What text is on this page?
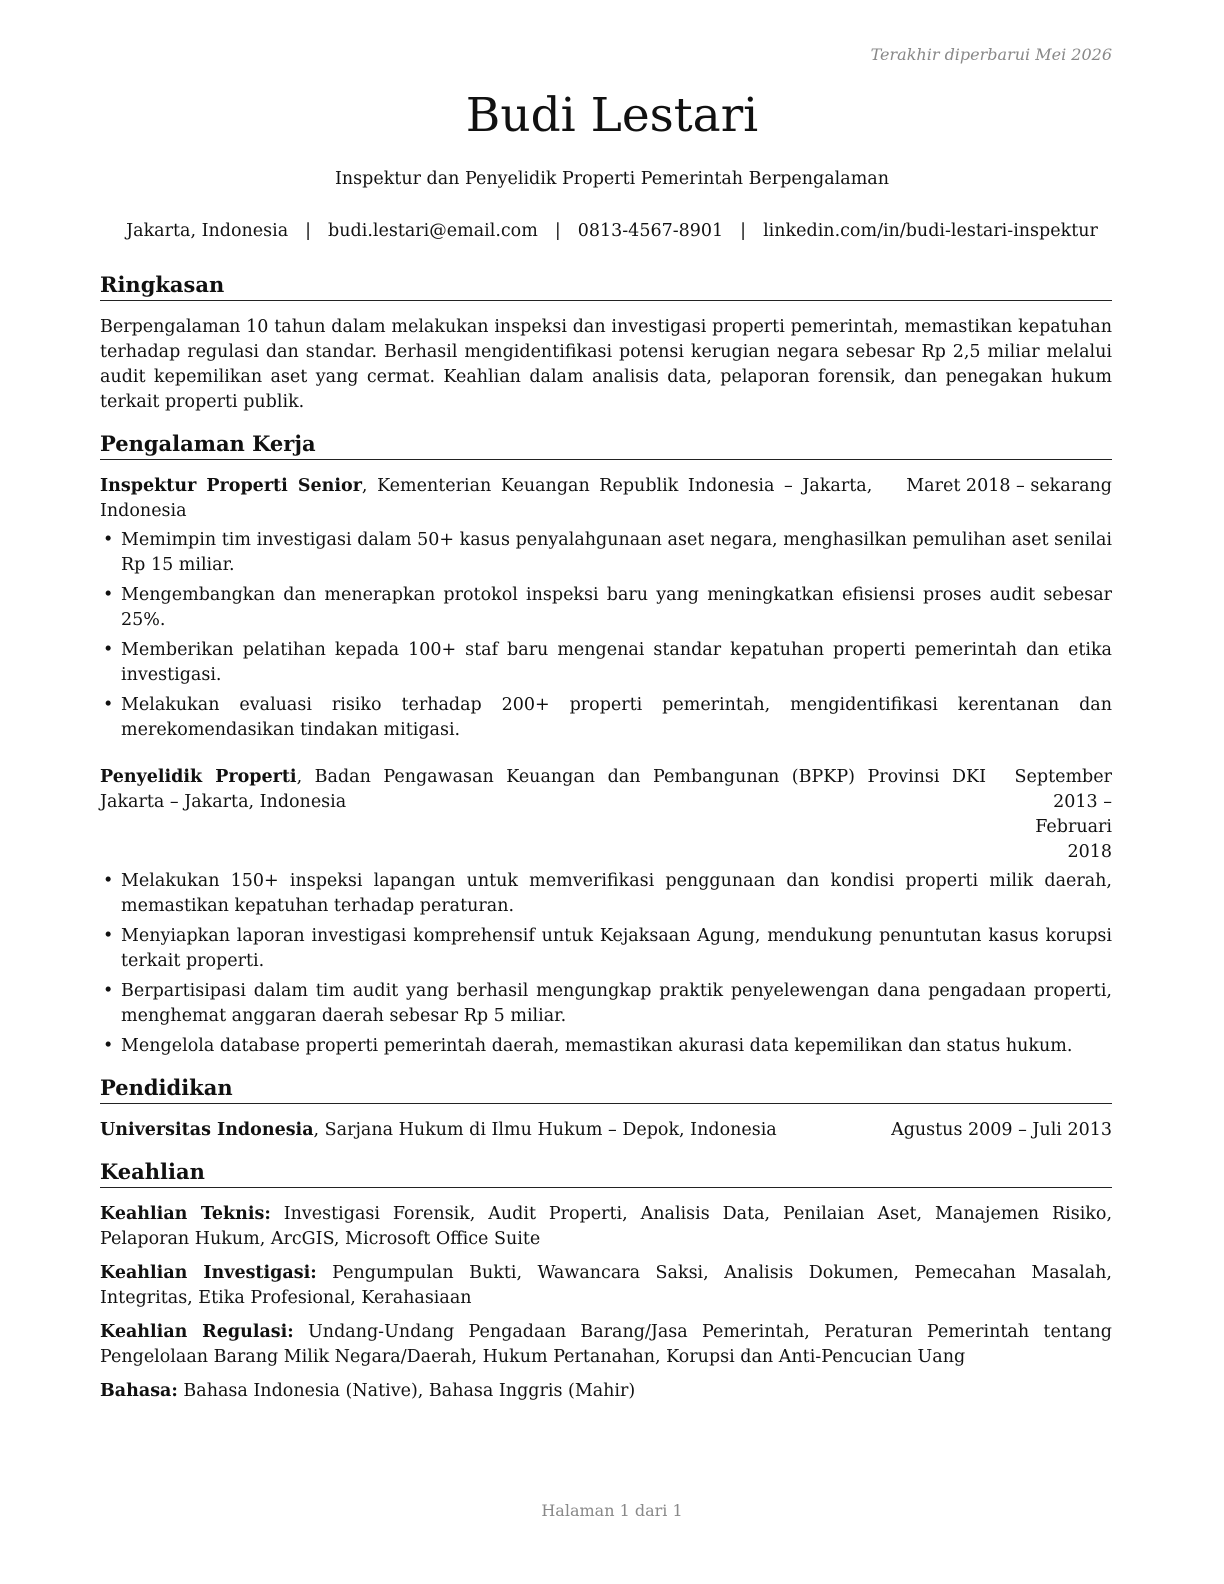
Terakhir diperbarui Mei 2026
Budi Lestari
Inspektur dan Penyelidik Properti Pemerintah Berpengalaman
Jakarta, Indonesia | budi.lestari@email.com | 0813-4567-8901 | linkedin.com/in/budi-lestari-inspektur
Ringkasan

Berpengalaman 10 tahun dalam melakukan inspeksi dan investigasi properti pemerintah, memastikan kepatuhan terhadap regulasi dan standar. Berhasil mengidentifikasi potensi kerugian negara sebesar Rp 2,5 miliar melalui audit kepemilikan aset yang cermat. Keahlian dalam analisis data, pelaporan forensik, dan penegakan hukum terkait properti publik.

Pengalaman Kerja
Inspektur Properti Senior, Kementerian Keuangan Republik Indonesia – Jakarta, Indonesia
Maret 2018 – sekarang
• Memimpin tim investigasi dalam 50+ kasus penyalahgunaan aset negara, menghasilkan pemulihan aset senilai Rp 15 miliar.
• Mengembangkan dan menerapkan protokol inspeksi baru yang meningkatkan efisiensi proses audit sebesar 25%.
• Memberikan pelatihan kepada 100+ staf baru mengenai standar kepatuhan properti pemerintah dan etika investigasi.
• Melakukan evaluasi risiko terhadap 200+ properti pemerintah, mengidentifikasi kerentanan dan merekomendasikan tindakan mitigasi.
Penyelidik Properti, Badan Pengawasan Keuangan dan Pembangunan (BPKP) Provinsi DKI Jakarta – Jakarta, Indonesia
September 2013 – Februari 2018
• Melakukan 150+ inspeksi lapangan untuk memverifikasi penggunaan dan kondisi properti milik daerah, memastikan kepatuhan terhadap peraturan.
• Menyiapkan laporan investigasi komprehensif untuk Kejaksaan Agung, mendukung penuntutan kasus korupsi terkait properti.
• Berpartisipasi dalam tim audit yang berhasil mengungkap praktik penyelewengan dana pengadaan properti, menghemat anggaran daerah sebesar Rp 5 miliar.
• Mengelola database properti pemerintah daerah, memastikan akurasi data kepemilikan dan status hukum.
Pendidikan
Universitas Indonesia, Sarjana Hukum di Ilmu Hukum – Depok, Indonesia	Agustus 2009 – Juli 2013
Keahlian
Keahlian Teknis: Investigasi Forensik, Audit Properti, Analisis Data, Penilaian Aset, Manajemen Risiko, Pelaporan Hukum, ArcGIS, Microsoft Office Suite
Keahlian Investigasi: Pengumpulan Bukti, Wawancara Saksi, Analisis Dokumen, Pemecahan Masalah, Integritas, Etika Profesional, Kerahasiaan
Keahlian Regulasi: Undang-Undang Pengadaan Barang/Jasa Pemerintah, Peraturan Pemerintah tentang Pengelolaan Barang Milik Negara/Daerah, Hukum Pertanahan, Korupsi dan Anti-Pencucian Uang
Bahasa: Bahasa Indonesia (Native), Bahasa Inggris (Mahir)
Halaman 1 dari 1
